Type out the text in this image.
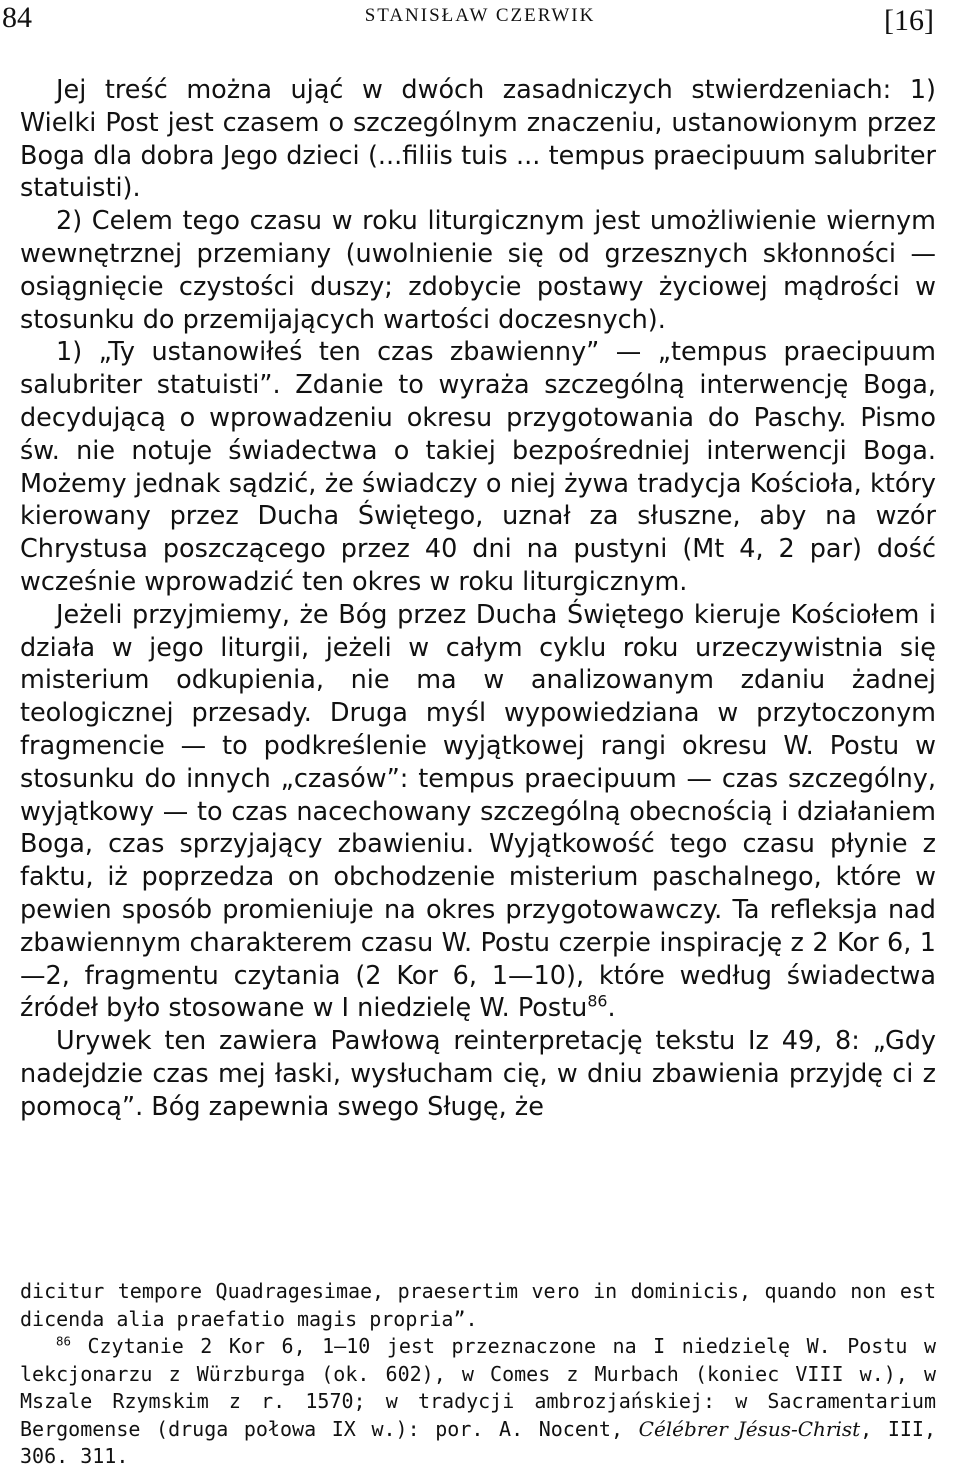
84	STANISŁAW CZERWIK	[16]

Jej treść można ująć w dwóch zasadniczych stwierdzeniach: 1) Wielki Post jest czasem o szczególnym znaczeniu, ustanowionym przez Boga dla dobra Jego dzieci (...filiis tuis ... tempus praecipuum salubriter statuisti).

2) Celem tego czasu w roku liturgicznym jest umożliwienie wiernym wewnętrznej przemiany (uwolnienie się od grzesznych skłonności — osiągnięcie czystości duszy; zdobycie postawy życiowej mądrości w stosunku do przemijających wartości doczesnych).

1) „Ty ustanowiłeś ten czas zbawienny” — „tempus praecipuum salubriter statuisti”. Zdanie to wyraża szczególną interwencję Boga, decydującą o wprowadzeniu okresu przygotowania do Paschy. Pismo św. nie notuje świadectwa o takiej bezpośredniej interwencji Boga. Możemy jednak sądzić, że świadczy o niej żywa tradycja Kościoła, który kierowany przez Ducha Świętego, uznał za słuszne, aby na wzór Chrystusa poszczącego przez 40 dni na pustyni (Mt 4, 2 par) dość wcześnie wprowadzić ten okres w roku liturgicznym.

Jeżeli przyjmiemy, że Bóg przez Ducha Świętego kieruje Kościołem i działa w jego liturgii, jeżeli w całym cyklu roku urzeczywistnia się misterium odkupienia, nie ma w analizowanym zdaniu żadnej teologicznej przesady. Druga myśl wypowiedziana w przytoczonym fragmencie — to podkreślenie wyjątkowej rangi okresu W. Postu w stosunku do innych „czasów”: tempus praecipuum — czas szczególny, wyjątkowy — to czas nacechowany szczególną obecnością i działaniem Boga, czas sprzyjający zbawieniu. Wyjątkowość tego czasu płynie z faktu, iż poprzedza on obchodzenie misterium paschalnego, które w pewien sposób promieniuje na okres przygotowawczy. Ta refleksja nad zbawiennym charakterem czasu W. Postu czerpie inspirację z 2 Kor 6, 1—2, fragmentu czytania (2 Kor 6, 1—10), które według świadectwa źródeł było stosowane w I niedzielę W. Postu$^{86}$.

Urywek ten zawiera Pawłową reinterpretację tekstu Iz 49, 8: „Gdy nadejdzie czas mej łaski, wysłucham cię, w dniu zbawienia przyjdę ci z pomocą”. Bóg zapewnia swego Sługę, że

dicitur tempore Quadragesimae, praesertim vero in dominicis, quando non est dicenda alia praefatio magis propria”.

$^{86}$ Czytanie 2 Kor 6, 1—10 jest przeznaczone na I niedzielę W. Postu w lekcjonarzu z Würzburga (ok. 602), w Comes z Murbach (koniec VIII w.), w Mszale Rzymskim z r. 1570; w tradycji ambrozjańskiej: w Sacramentarium Bergomense (druga połowa IX w.): por. A. Nocent, Célébrer Jésus-Christ, III, 306. 311.
